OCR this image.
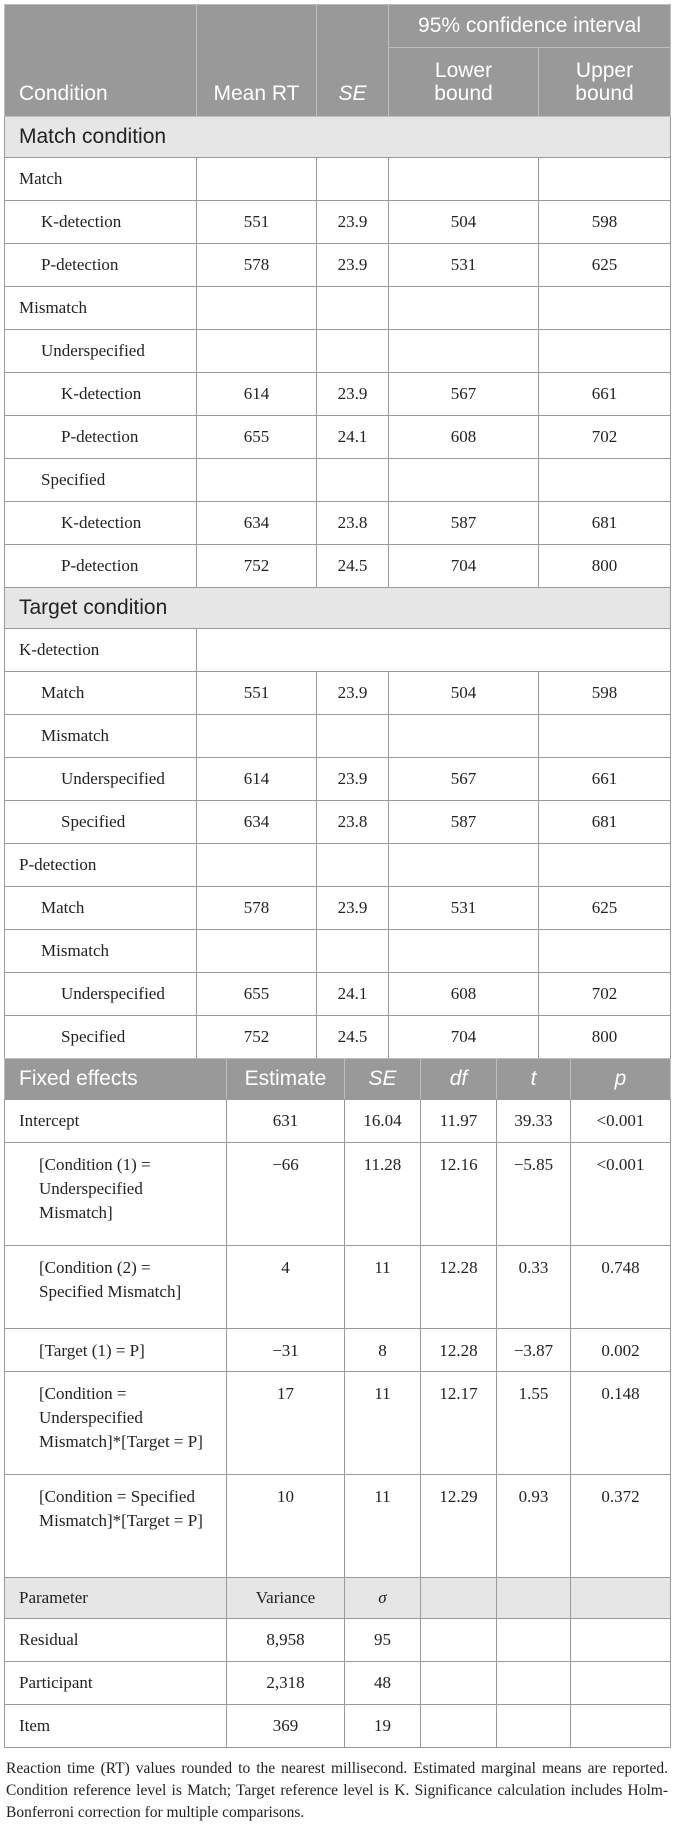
Condition	Mean RT	SE	95% confidence interval	
			Lower bound	Upper bound
Match condition				
Match				
K-detection	551	23.9	504	598
P-detection	578	23.9	531	625
Mismatch				
Underspecified				
K-detection	614	23.9	567	661
P-detection	655	24.1	608	702
Specified				
K-detection	634	23.8	587	681
P-detection	752	24.5	704	800
Target condition				
K-detection				
Match	551	23.9	504	598
Mismatch				
Underspecified	614	23.9	567	661
Specified	634	23.8	587	681
P-detection				
Match	578	23.9	531	625
Mismatch				
Underspecified	655	24.1	608	702
Specified	752	24.5	704	800
Fixed effects	Estimate	SE	df	t	p
Intercept	631	16.04	11.97	39.33	<0.001
[Condition (1) = Underspecified Mismatch]	−66	11.28	12.16	−5.85	<0.001
[Condition (2) = Specified Mismatch]	4	11	12.28	0.33	0.748
[Target (1) = P]	−31	8	12.28	−3.87	0.002
[Condition = Underspecified Mismatch]*[Target = P]	17	11	12.17	1.55	0.148
[Condition = Specified Mismatch]*[Target = P]	10	11	12.29	0.93	0.372
Parameter	Variance	σ			
Residual	8,958	95			
Participant	2,318	48			
Item	369	19			

Reaction time (RT) values rounded to the nearest millisecond. Estimated marginal means are reported. Condition reference level is Match; Target reference level is K. Significance calculation includes Holm-Bonferroni correction for multiple comparisons.
